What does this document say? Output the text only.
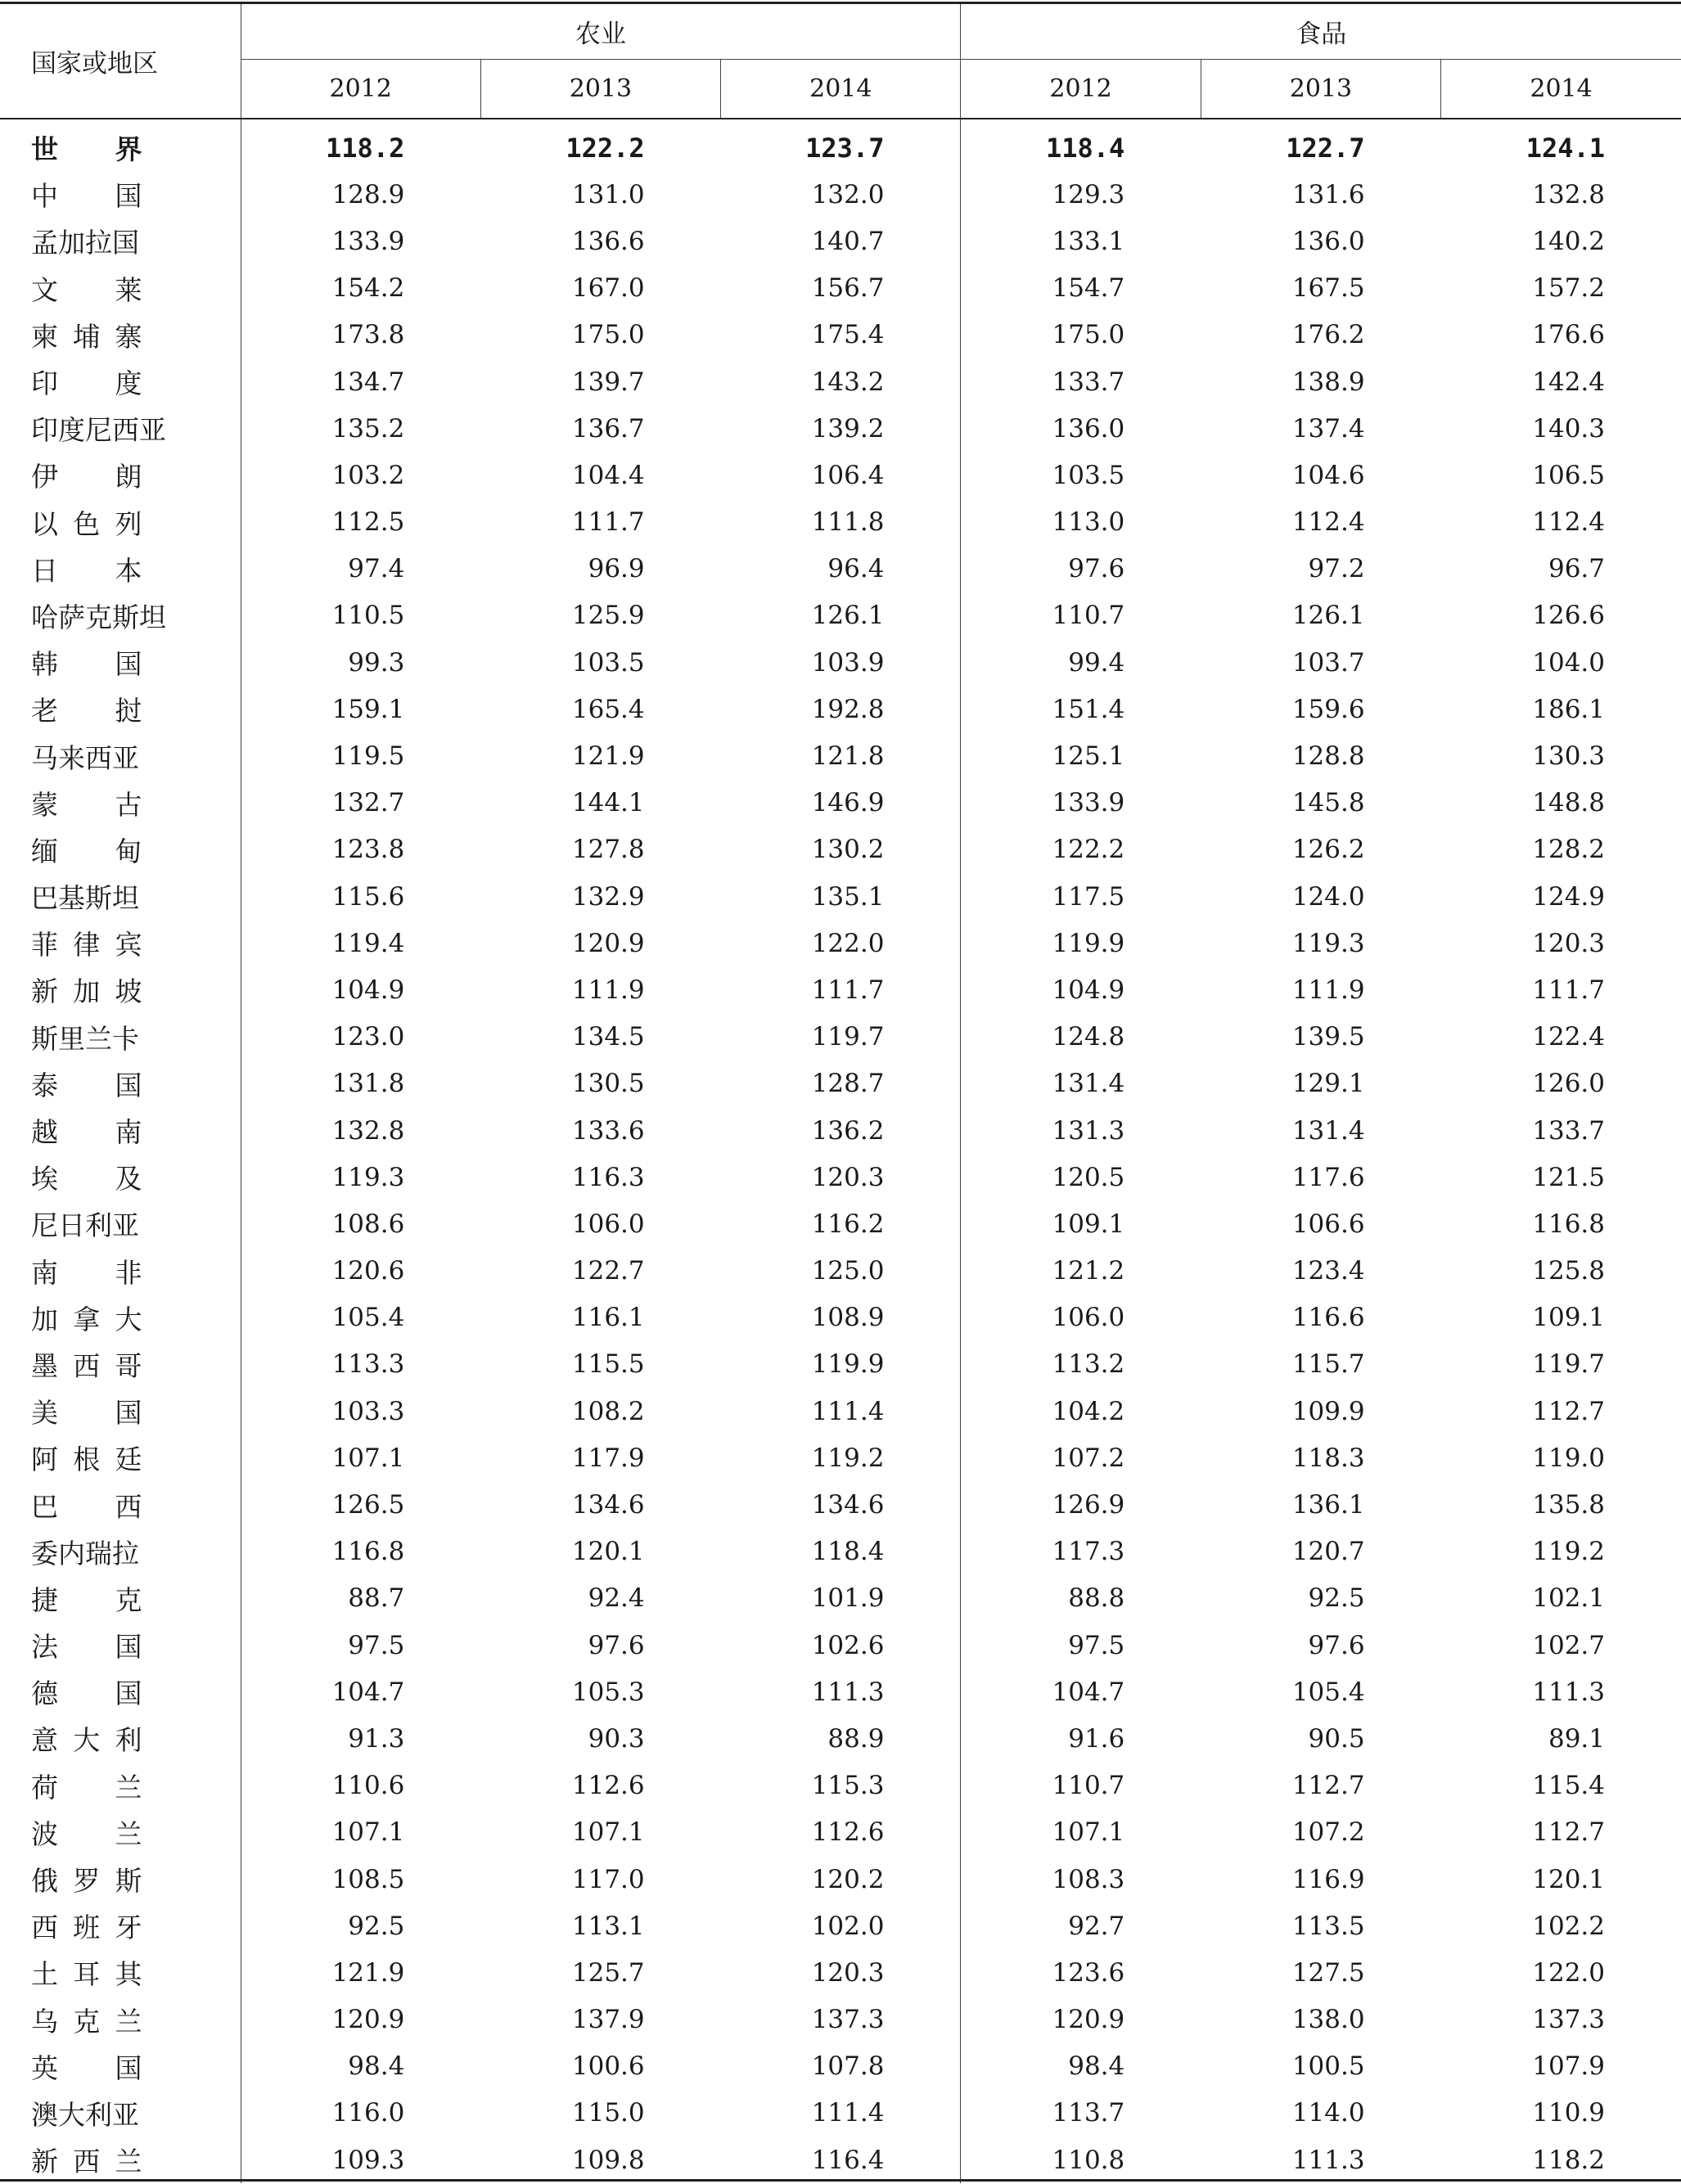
国家或地区	农业			食品		
	2012	2013	2014	2012	2013	2014
世界	118.2	122.2	123.7	118.4	122.7	124.1
中国	128.9	131.0	132.0	129.3	131.6	132.8
孟加拉国	133.9	136.6	140.7	133.1	136.0	140.2
文莱	154.2	167.0	156.7	154.7	167.5	157.2
柬埔寨	173.8	175.0	175.4	175.0	176.2	176.6
印度	134.7	139.7	143.2	133.7	138.9	142.4
印度尼西亚	135.2	136.7	139.2	136.0	137.4	140.3
伊朗	103.2	104.4	106.4	103.5	104.6	106.5
以色列	112.5	111.7	111.8	113.0	112.4	112.4
日本	97.4	96.9	96.4	97.6	97.2	96.7
哈萨克斯坦	110.5	125.9	126.1	110.7	126.1	126.6
韩国	99.3	103.5	103.9	99.4	103.7	104.0
老挝	159.1	165.4	192.8	151.4	159.6	186.1
马来西亚	119.5	121.9	121.8	125.1	128.8	130.3
蒙古	132.7	144.1	146.9	133.9	145.8	148.8
缅甸	123.8	127.8	130.2	122.2	126.2	128.2
巴基斯坦	115.6	132.9	135.1	117.5	124.0	124.9
菲律宾	119.4	120.9	122.0	119.9	119.3	120.3
新加坡	104.9	111.9	111.7	104.9	111.9	111.7
斯里兰卡	123.0	134.5	119.7	124.8	139.5	122.4
泰国	131.8	130.5	128.7	131.4	129.1	126.0
越南	132.8	133.6	136.2	131.3	131.4	133.7
埃及	119.3	116.3	120.3	120.5	117.6	121.5
尼日利亚	108.6	106.0	116.2	109.1	106.6	116.8
南非	120.6	122.7	125.0	121.2	123.4	125.8
加拿大	105.4	116.1	108.9	106.0	116.6	109.1
墨西哥	113.3	115.5	119.9	113.2	115.7	119.7
美国	103.3	108.2	111.4	104.2	109.9	112.7
阿根廷	107.1	117.9	119.2	107.2	118.3	119.0
巴西	126.5	134.6	134.6	126.9	136.1	135.8
委内瑞拉	116.8	120.1	118.4	117.3	120.7	119.2
捷克	88.7	92.4	101.9	88.8	92.5	102.1
法国	97.5	97.6	102.6	97.5	97.6	102.7
德国	104.7	105.3	111.3	104.7	105.4	111.3
意大利	91.3	90.3	88.9	91.6	90.5	89.1
荷兰	110.6	112.6	115.3	110.7	112.7	115.4
波兰	107.1	107.1	112.6	107.1	107.2	112.7
俄罗斯	108.5	117.0	120.2	108.3	116.9	120.1
西班牙	92.5	113.1	102.0	92.7	113.5	102.2
土耳其	121.9	125.7	120.3	123.6	127.5	122.0
乌克兰	120.9	137.9	137.3	120.9	138.0	137.3
英国	98.4	100.6	107.8	98.4	100.5	107.9
澳大利亚	116.0	115.0	111.4	113.7	114.0	110.9
新西兰	109.3	109.8	116.4	110.8	111.3	118.2
